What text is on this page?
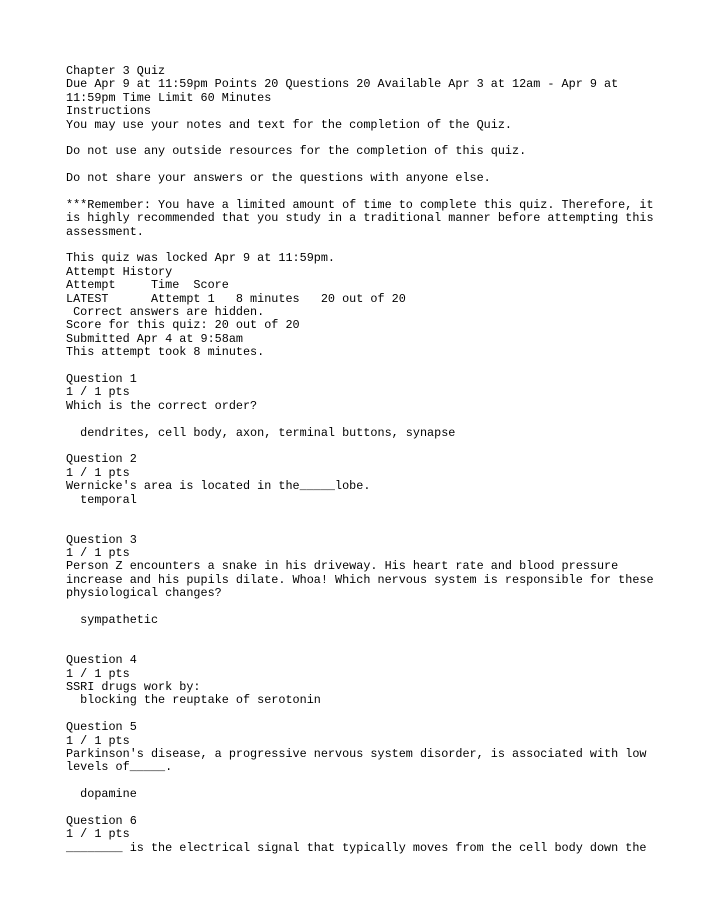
Chapter 3 Quiz
Due Apr 9 at 11:59pm Points 20 Questions 20 Available Apr 3 at 12am - Apr 9 at
11:59pm Time Limit 60 Minutes
Instructions
You may use your notes and text for the completion of the Quiz.
Do not use any outside resources for the completion of this quiz.
Do not share your answers or the questions with anyone else.
***Remember: You have a limited amount of time to complete this quiz. Therefore, it
is highly recommended that you study in a traditional manner before attempting this
assessment.
This quiz was locked Apr 9 at 11:59pm.
Attempt History
Attempt     Time  Score
LATEST      Attempt 1   8 minutes   20 out of 20
Correct answers are hidden.
Score for this quiz: 20 out of 20
Submitted Apr 4 at 9:58am
This attempt took 8 minutes.
Question 1
1 / 1 pts
Which is the correct order?
dendrites, cell body, axon, terminal buttons, synapse
Question 2
1 / 1 pts
Wernicke's area is located in the_____lobe.
temporal
Question 3
1 / 1 pts
Person Z encounters a snake in his driveway. His heart rate and blood pressure
increase and his pupils dilate. Whoa! Which nervous system is responsible for these
physiological changes?
sympathetic
Question 4
1 / 1 pts
SSRI drugs work by:
blocking the reuptake of serotonin
Question 5
1 / 1 pts
Parkinson's disease, a progressive nervous system disorder, is associated with low
levels of_____.
dopamine
Question 6
1 / 1 pts
________ is the electrical signal that typically moves from the cell body down the
